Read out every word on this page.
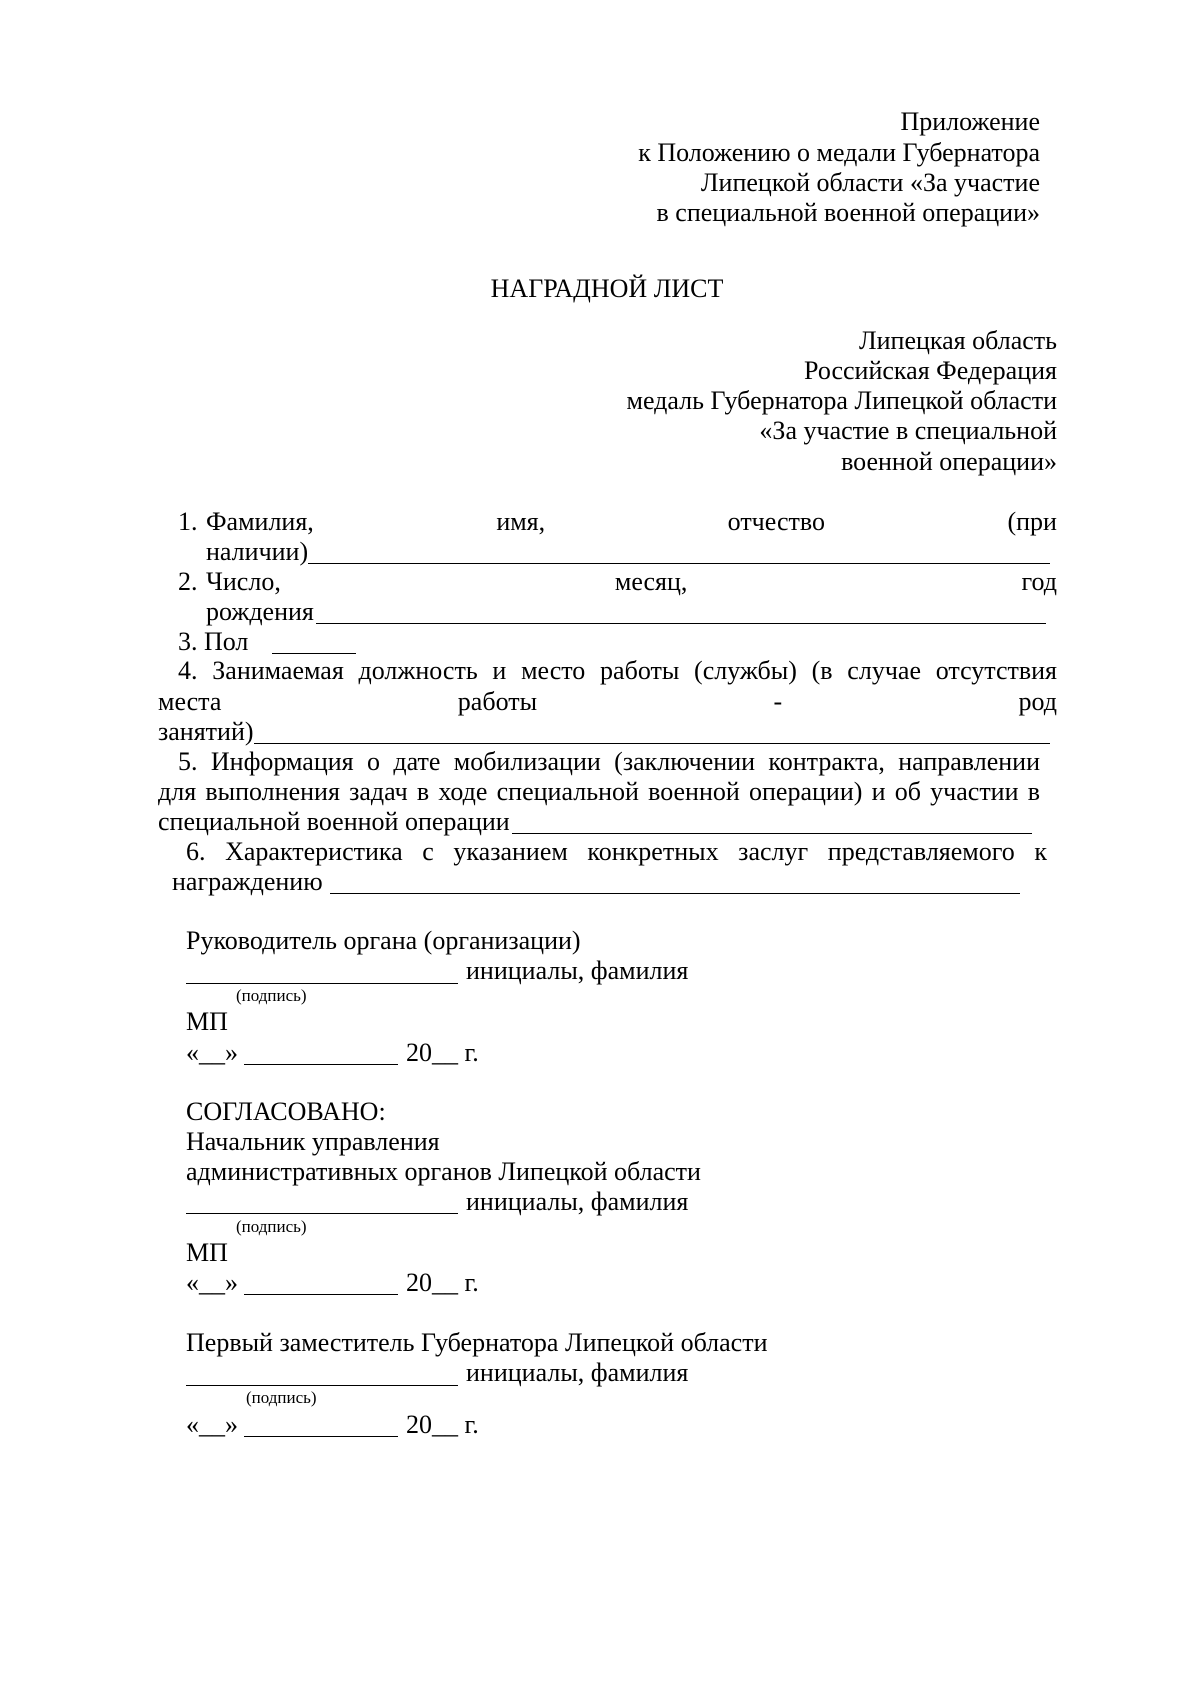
Приложение
к Положению о медали Губернатора
Липецкой области «За участие
в специальной военной операции»
НАГРАДНОЙ ЛИСТ
Липецкая область
Российская Федерация
медаль Губернатора Липецкой области
«За участие в специальной
военной операции»
1. Фамилия,	имя,	отчество	(при
наличии)
2. Число,	месяц,	год
рождения
3. Пол
4. Занимаемая должность и место работы (службы) (в случае отсутствия
места	работы	-	род
занятий)
5. Информация о дате мобилизации (заключении контракта, направлении
для выполнения задач в ходе специальной военной операции) и об участии в
специальной военной операции
6. Характеристика с указанием конкретных заслуг представляемого к
награждению
Руководитель органа (организации)
инициалы, фамилия
(подпись)
МП
«__»	20__ г.
СОГЛАСОВАНО:
Начальник управления
административных органов Липецкой области
инициалы, фамилия
(подпись)
МП
«__»	20__ г.
Первый заместитель Губернатора Липецкой области
инициалы, фамилия
(подпись)
«__»	20__ г.
